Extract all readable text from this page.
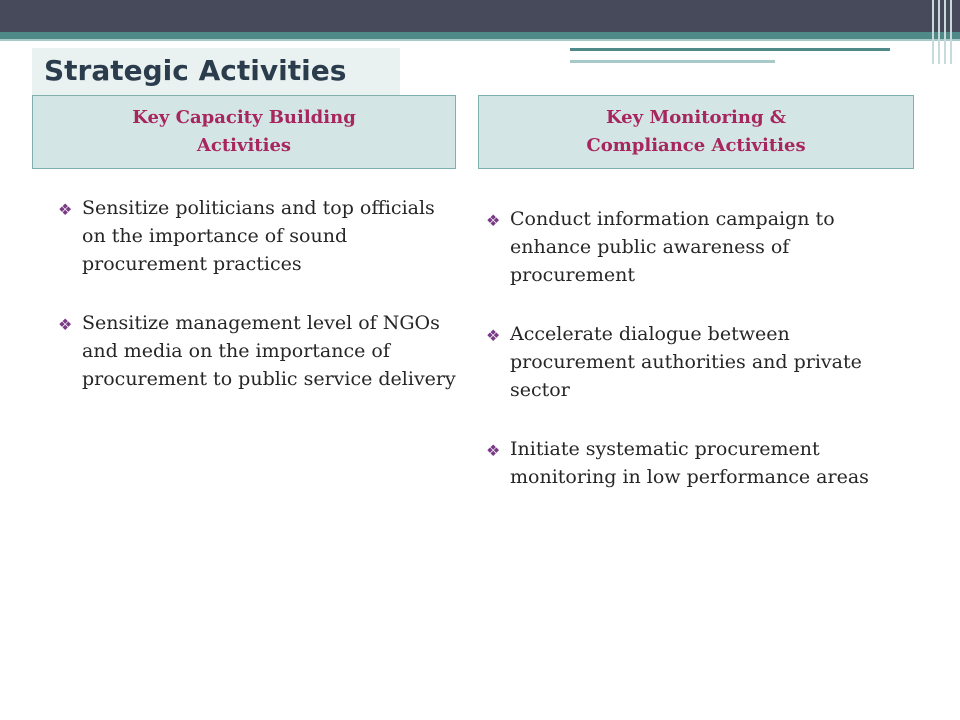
Strategic Activities
Key Capacity Building
Activities
Key Monitoring &
Compliance Activities
❖ Sensitize politicians and top officials on the importance of sound procurement practices
❖ Sensitize management level of NGOs and media on the importance of procurement to public service delivery
❖ Conduct information campaign to enhance public awareness of procurement
❖ Accelerate dialogue between procurement authorities and private sector
❖ Initiate systematic procurement monitoring in low performance areas
